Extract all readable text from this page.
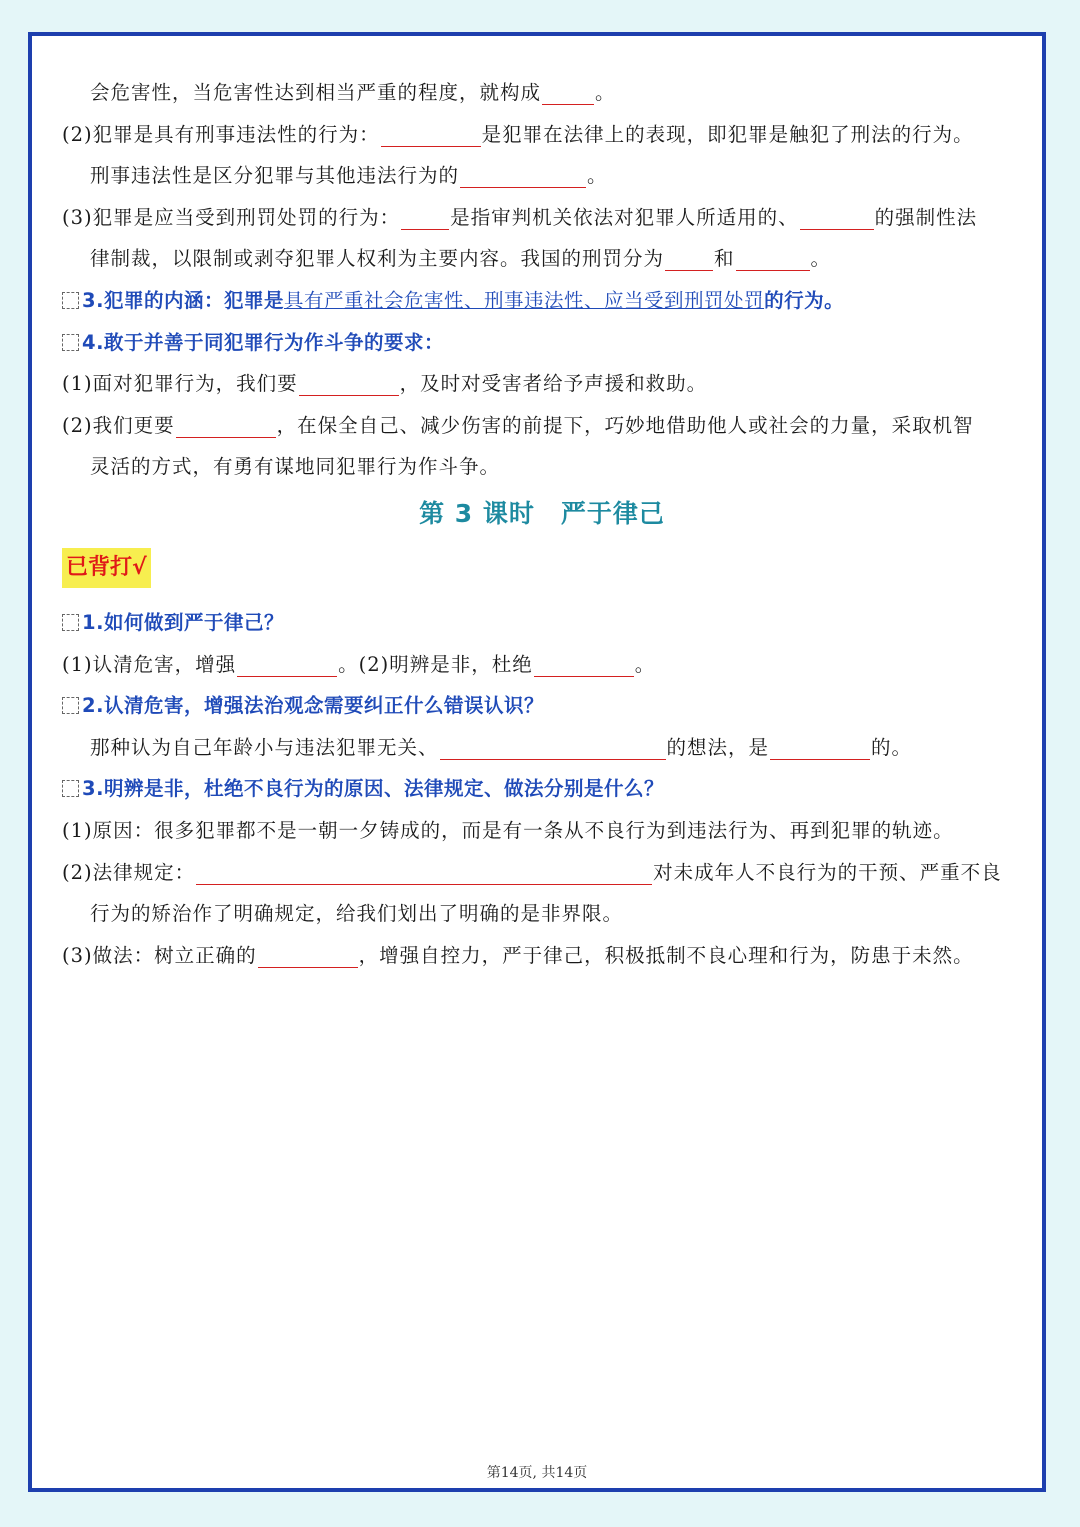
会危害性，当危害性达到相当严重的程度，就构成	。
(2)犯罪是具有刑事违法性的行为：	是犯罪在法律上的表现，即犯罪是触犯了刑法的行为。
刑事违法性是区分犯罪与其他违法行为的	。
(3)犯罪是应当受到刑罚处罚的行为：	是指审判机关依法对犯罪人所适用的、	的强制性法
律制裁，以限制或剥夺犯罪人权利为主要内容。我国的刑罚分为	和	。
3.犯罪的内涵：犯罪是具有严重社会危害性、刑事违法性、应当受到刑罚处罚的行为。
4.敢于并善于同犯罪行为作斗争的要求：
(1)面对犯罪行为，我们要	，及时对受害者给予声援和救助。
(2)我们更要	，在保全自己、减少伤害的前提下，巧妙地借助他人或社会的力量，采取机智
灵活的方式，有勇有谋地同犯罪行为作斗争。
第 3 课时　严于律己
已背打√
1.如何做到严于律己？
(1)认清危害，增强	。(2)明辨是非，杜绝	。
2.认清危害，增强法治观念需要纠正什么错误认识？
那种认为自己年龄小与违法犯罪无关、	的想法，是	的。
3.明辨是非，杜绝不良行为的原因、法律规定、做法分别是什么？
(1)原因：很多犯罪都不是一朝一夕铸成的，而是有一条从不良行为到违法行为、再到犯罪的轨迹。
(2)法律规定：	对未成年人不良行为的干预、严重不良
行为的矫治作了明确规定，给我们划出了明确的是非界限。
(3)做法：树立正确的	，增强自控力，严于律己，积极抵制不良心理和行为，防患于未然。
第14页, 共14页
